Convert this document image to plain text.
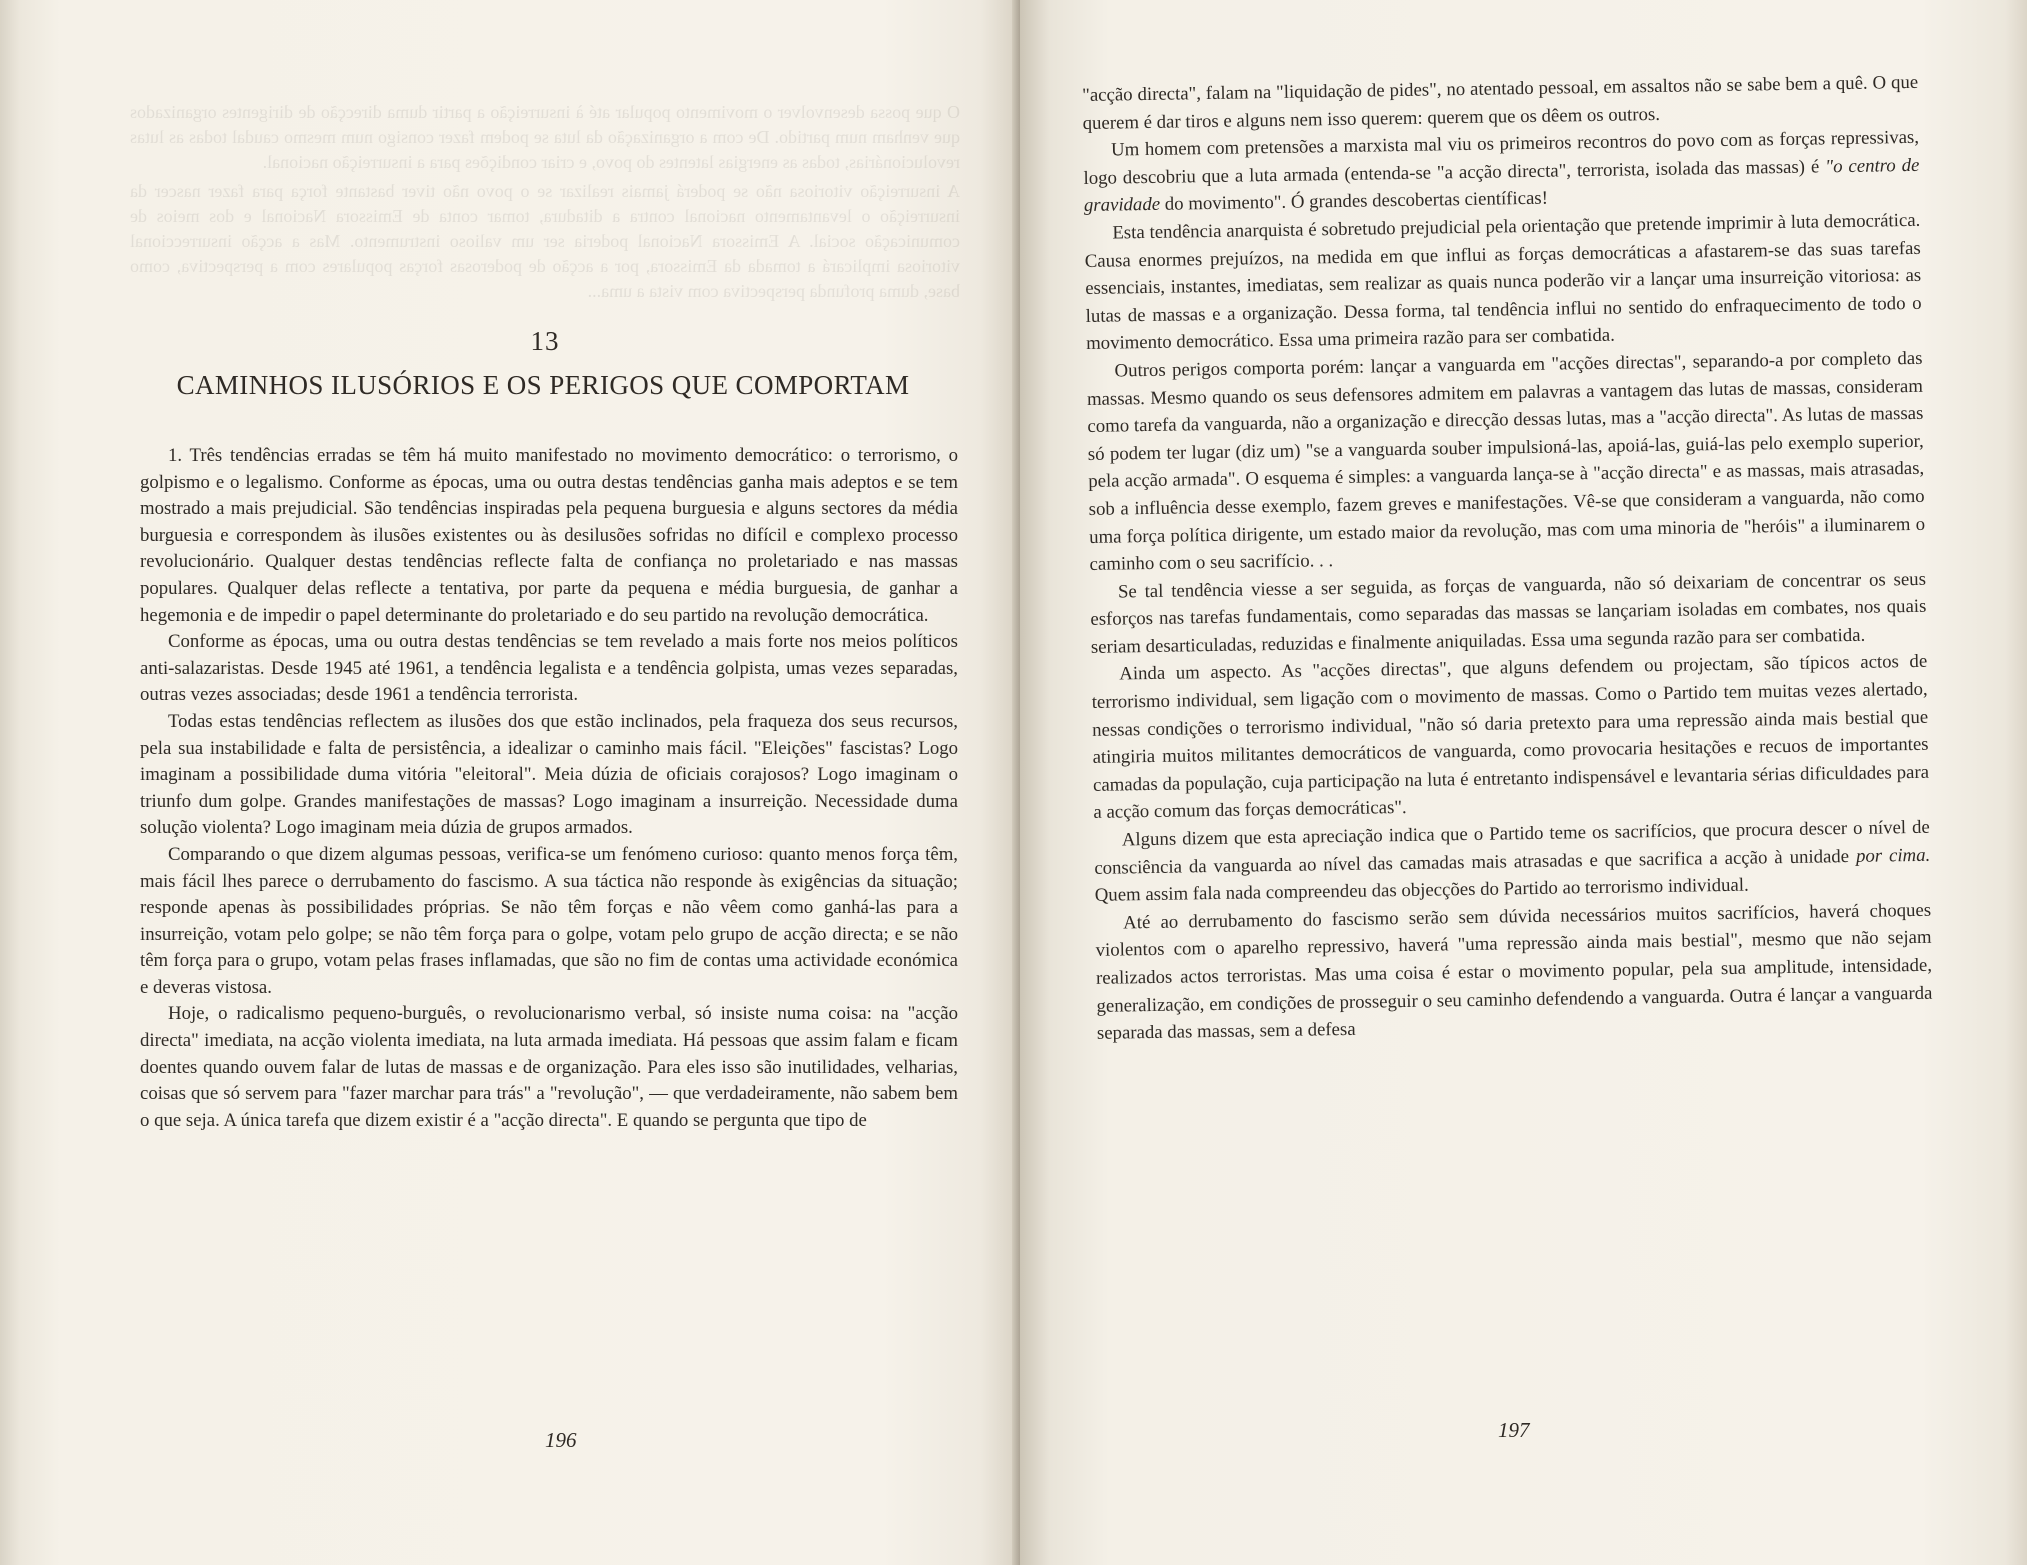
O que possa desenvolver o movimento popular até à insurreição a partir duma direcção de dirigentes organizados que venham num partido. De com a organização da luta se podem fazer consigo num mesmo caudal todas as lutas revolucionárias, todas as energias latentes do povo, e criar condições para a insurreição nacional.

A insurreição vitoriosa não se poderá jamais realizar se o povo não tiver bastante força para fazer nascer da insurreição o levantamento nacional contra a ditadura, tomar conta de Emissora Nacional e dos meios de comunicação social. A Emissora Nacional poderia ser um valioso instrumento. Mas a acção insurreccional vitoriosa implicará a tomada da Emissora, por a acção de poderosas forças populares com a perspectiva, como base, duma profunda perspectiva com vista a uma...

13
CAMINHOS ILUSÓRIOS E OS PERIGOS QUE COMPORTAM

1. Três tendências erradas se têm há muito manifestado no movimento democrático: o terrorismo, o golpismo e o legalismo. Conforme as épocas, uma ou outra destas tendências ganha mais adeptos e se tem mostrado a mais prejudicial. São tendências inspiradas pela pequena burguesia e alguns sectores da média burguesia e correspondem às ilusões existentes ou às desilusões sofridas no difícil e complexo processo revolucionário. Qualquer destas tendências reflecte falta de confiança no proletariado e nas massas populares. Qualquer delas reflecte a tentativa, por parte da pequena e média burguesia, de ganhar a hegemonia e de impedir o papel determinante do proletariado e do seu partido na revolução democrática.

Conforme as épocas, uma ou outra destas tendências se tem revelado a mais forte nos meios políticos anti-salazaristas. Desde 1945 até 1961, a tendência legalista e a tendência golpista, umas vezes separadas, outras vezes associadas; desde 1961 a tendência terrorista.

Todas estas tendências reflectem as ilusões dos que estão inclinados, pela fraqueza dos seus recursos, pela sua instabilidade e falta de persistência, a idealizar o caminho mais fácil. "Eleições" fascistas? Logo imaginam a possibilidade duma vitória "eleitoral". Meia dúzia de oficiais corajosos? Logo imaginam o triunfo dum golpe. Grandes manifestações de massas? Logo imaginam a insurreição. Necessidade duma solução violenta? Logo imaginam meia dúzia de grupos armados.

Comparando o que dizem algumas pessoas, verifica-se um fenómeno curioso: quanto menos força têm, mais fácil lhes parece o derrubamento do fascismo. A sua táctica não responde às exigências da situação; responde apenas às possibilidades próprias. Se não têm forças e não vêem como ganhá-las para a insurreição, votam pelo golpe; se não têm força para o golpe, votam pelo grupo de acção directa; e se não têm força para o grupo, votam pelas frases inflamadas, que são no fim de contas uma actividade económica e deveras vistosa.

Hoje, o radicalismo pequeno-burguês, o revolucionarismo verbal, só insiste numa coisa: na "acção directa" imediata, na acção violenta imediata, na luta armada imediata. Há pessoas que assim falam e ficam doentes quando ouvem falar de lutas de massas e de organização. Para eles isso são inutilidades, velharias, coisas que só servem para "fazer marchar para trás" a "revolução", — que verdadeiramente, não sabem bem o que seja. A única tarefa que dizem existir é a "acção directa". E quando se pergunta que tipo de

196

"acção directa", falam na "liquidação de pides", no atentado pessoal, em assaltos não se sabe bem a quê. O que querem é dar tiros e alguns nem isso querem: querem que os dêem os outros.

Um homem com pretensões a marxista mal viu os primeiros recontros do povo com as forças repressivas, logo descobriu que a luta armada (entenda-se "a acção directa", terrorista, isolada das massas) é "o centro de gravidade do movimento". Ó grandes descobertas científicas!

Esta tendência anarquista é sobretudo prejudicial pela orientação que pretende imprimir à luta democrática. Causa enormes prejuízos, na medida em que influi as forças democráticas a afastarem-se das suas tarefas essenciais, instantes, imediatas, sem realizar as quais nunca poderão vir a lançar uma insurreição vitoriosa: as lutas de massas e a organização. Dessa forma, tal tendência influi no sentido do enfraquecimento de todo o movimento democrático. Essa uma primeira razão para ser combatida.

Outros perigos comporta porém: lançar a vanguarda em "acções directas", separando-a por completo das massas. Mesmo quando os seus defensores admitem em palavras a vantagem das lutas de massas, consideram como tarefa da vanguarda, não a organização e direcção dessas lutas, mas a "acção directa". As lutas de massas só podem ter lugar (diz um) "se a vanguarda souber impulsioná-las, apoiá-las, guiá-las pelo exemplo superior, pela acção armada". O esquema é simples: a vanguarda lança-se à "acção directa" e as massas, mais atrasadas, sob a influência desse exemplo, fazem greves e manifestações. Vê-se que consideram a vanguarda, não como uma força política dirigente, um estado maior da revolução, mas com uma minoria de "heróis" a iluminarem o caminho com o seu sacrifício. . .

Se tal tendência viesse a ser seguida, as forças de vanguarda, não só deixariam de concentrar os seus esforços nas tarefas fundamentais, como separadas das massas se lançariam isoladas em combates, nos quais seriam desarticuladas, reduzidas e finalmente aniquiladas. Essa uma segunda razão para ser combatida.

Ainda um aspecto. As "acções directas", que alguns defendem ou projectam, são típicos actos de terrorismo individual, sem ligação com o movimento de massas. Como o Partido tem muitas vezes alertado, nessas condições o terrorismo individual, "não só daria pretexto para uma repressão ainda mais bestial que atingiria muitos militantes democráticos de vanguarda, como provocaria hesitações e recuos de importantes camadas da população, cuja participação na luta é entretanto indispensável e levantaria sérias dificuldades para a acção comum das forças democráticas".

Alguns dizem que esta apreciação indica que o Partido teme os sacrifícios, que procura descer o nível de consciência da vanguarda ao nível das camadas mais atrasadas e que sacrifica a acção à unidade por cima. Quem assim fala nada compreendeu das objecções do Partido ao terrorismo individual.

Até ao derrubamento do fascismo serão sem dúvida necessários muitos sacrifícios, haverá choques violentos com o aparelho repressivo, haverá "uma repressão ainda mais bestial", mesmo que não sejam realizados actos terroristas. Mas uma coisa é estar o movimento popular, pela sua amplitude, intensidade, generalização, em condições de prosseguir o seu caminho defendendo a vanguarda. Outra é lançar a vanguarda separada das massas, sem a defesa

197
